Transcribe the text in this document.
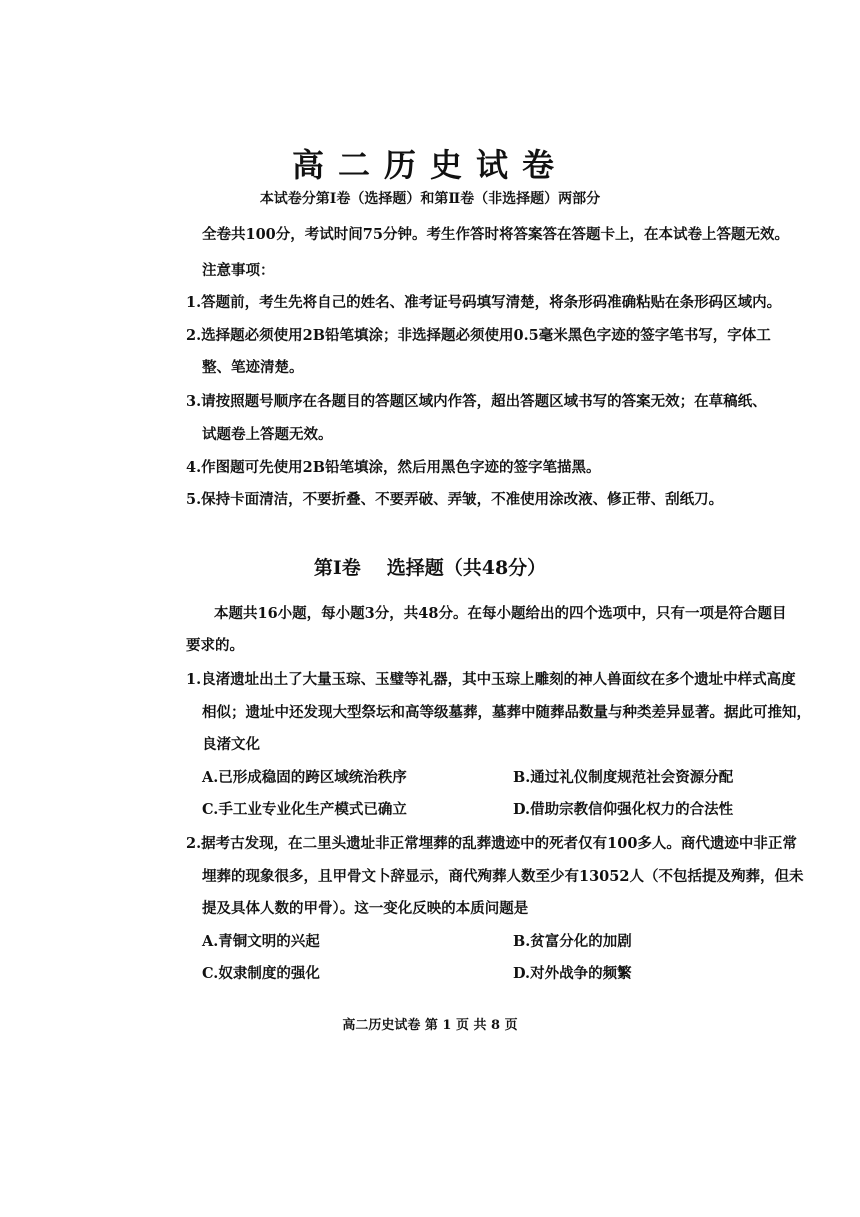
高二历史试卷
本试卷分第Ⅰ卷（选择题）和第Ⅱ卷（非选择题）两部分
全卷共100分，考试时间75分钟。考生作答时将答案答在答题卡上，在本试卷上答题无效。
注意事项：
1.答题前，考生先将自己的姓名、准考证号码填写清楚，将条形码准确粘贴在条形码区域内。
2.选择题必须使用2B铅笔填涂；非选择题必须使用0.5毫米黑色字迹的签字笔书写，字体工
整、笔迹清楚。
3.请按照题号顺序在各题目的答题区域内作答，超出答题区域书写的答案无效；在草稿纸、
试题卷上答题无效。
4.作图题可先使用2B铅笔填涂，然后用黑色字迹的签字笔描黑。
5.保持卡面清洁，不要折叠、不要弄破、弄皱，不准使用涂改液、修正带、刮纸刀。
第Ⅰ卷 选择题（共48分）
本题共16小题，每小题3分，共48分。在每小题给出的四个选项中，只有一项是符合题目
要求的。
1.良渚遗址出土了大量玉琮、玉璧等礼器，其中玉琮上雕刻的神人兽面纹在多个遗址中样式高度
相似；遗址中还发现大型祭坛和高等级墓葬，墓葬中随葬品数量与种类差异显著。据此可推知，
良渚文化
A.已形成稳固的跨区域统治秩序	B.通过礼仪制度规范社会资源分配
C.手工业专业化生产模式已确立	D.借助宗教信仰强化权力的合法性
2.据考古发现，在二里头遗址非正常埋葬的乱葬遗迹中的死者仅有100多人。商代遗迹中非正常
埋葬的现象很多，且甲骨文卜辞显示，商代殉葬人数至少有13052人（不包括提及殉葬，但未
提及具体人数的甲骨）。这一变化反映的本质问题是
A.青铜文明的兴起	B.贫富分化的加剧
C.奴隶制度的强化	D.对外战争的频繁
高二历史试卷 第 1 页 共 8 页
